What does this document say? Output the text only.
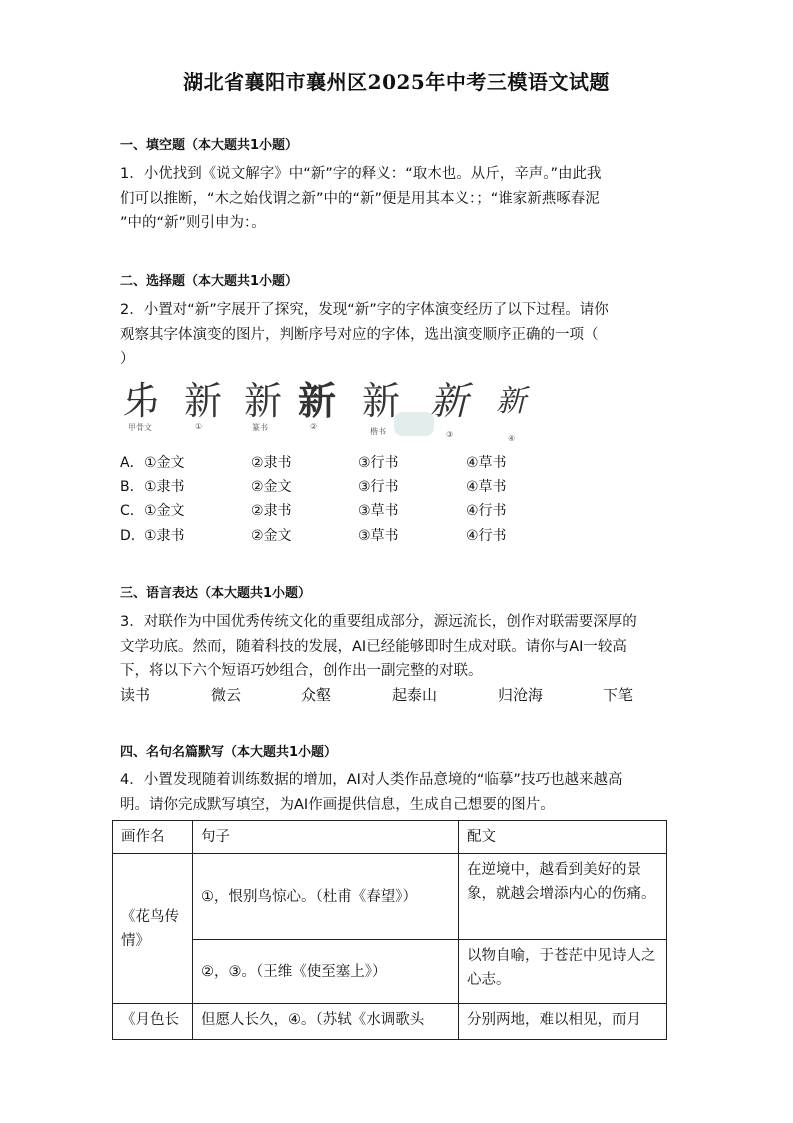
湖北省襄阳市襄州区2025年中考三模语文试题
一、填空题（本大题共1小题）
1．小优找到《说文解字》中“新”字的释义：“取木也。从斤，辛声。”由此我
们可以推断，“木之始伐谓之新”中的“新”便是用其本义：；“谁家新燕啄春泥
”中的“新”则引申为：。
二、选择题（本大题共1小题）
2．小置对“新”字展开了探究，发现“新”字的字体演变经历了以下过程。请你
观察其字体演变的图片，判断序号对应的字体，选出演变顺序正确的一项（
）
𠂔 新 新 新 新 新 新
甲骨文	①	篆书	②
楷书	③	④
A． ①金文	②隶书	③行书	④草书
B． ①隶书	②金文	③行书	④草书
C． ①金文	②隶书	③草书	④行书
D． ①隶书	②金文	③草书	④行书
三、语言表达（本大题共1小题）
3．对联作为中国优秀传统文化的重要组成部分，源远流长，创作对联需要深厚的
文学功底。然而，随着科技的发展，AI已经能够即时生成对联。请你与AI一较高
下，将以下六个短语巧妙组合，创作出一副完整的对联。
读书	微云	众壑	起泰山	归沧海	下笔
四、名句名篇默写（本大题共1小题）
4．小置发现随着训练数据的增加，AI对人类作品意境的“临摹”技巧也越来越高
明。请你完成默写填空，为AI作画提供信息，生成自己想要的图片。
画作名	句子	配文
《花鸟传情》	①，恨别鸟惊心。（杜甫《春望》）	在逆境中，越看到美好的景象，就越会增添内心的伤痛。
	②，③。（王维《使至塞上》）	以物自喻，于苍茫中见诗人之心志。
《月色长	但愿人长久，④。（苏轼《水调歌头	分别两地，难以相见，而月
